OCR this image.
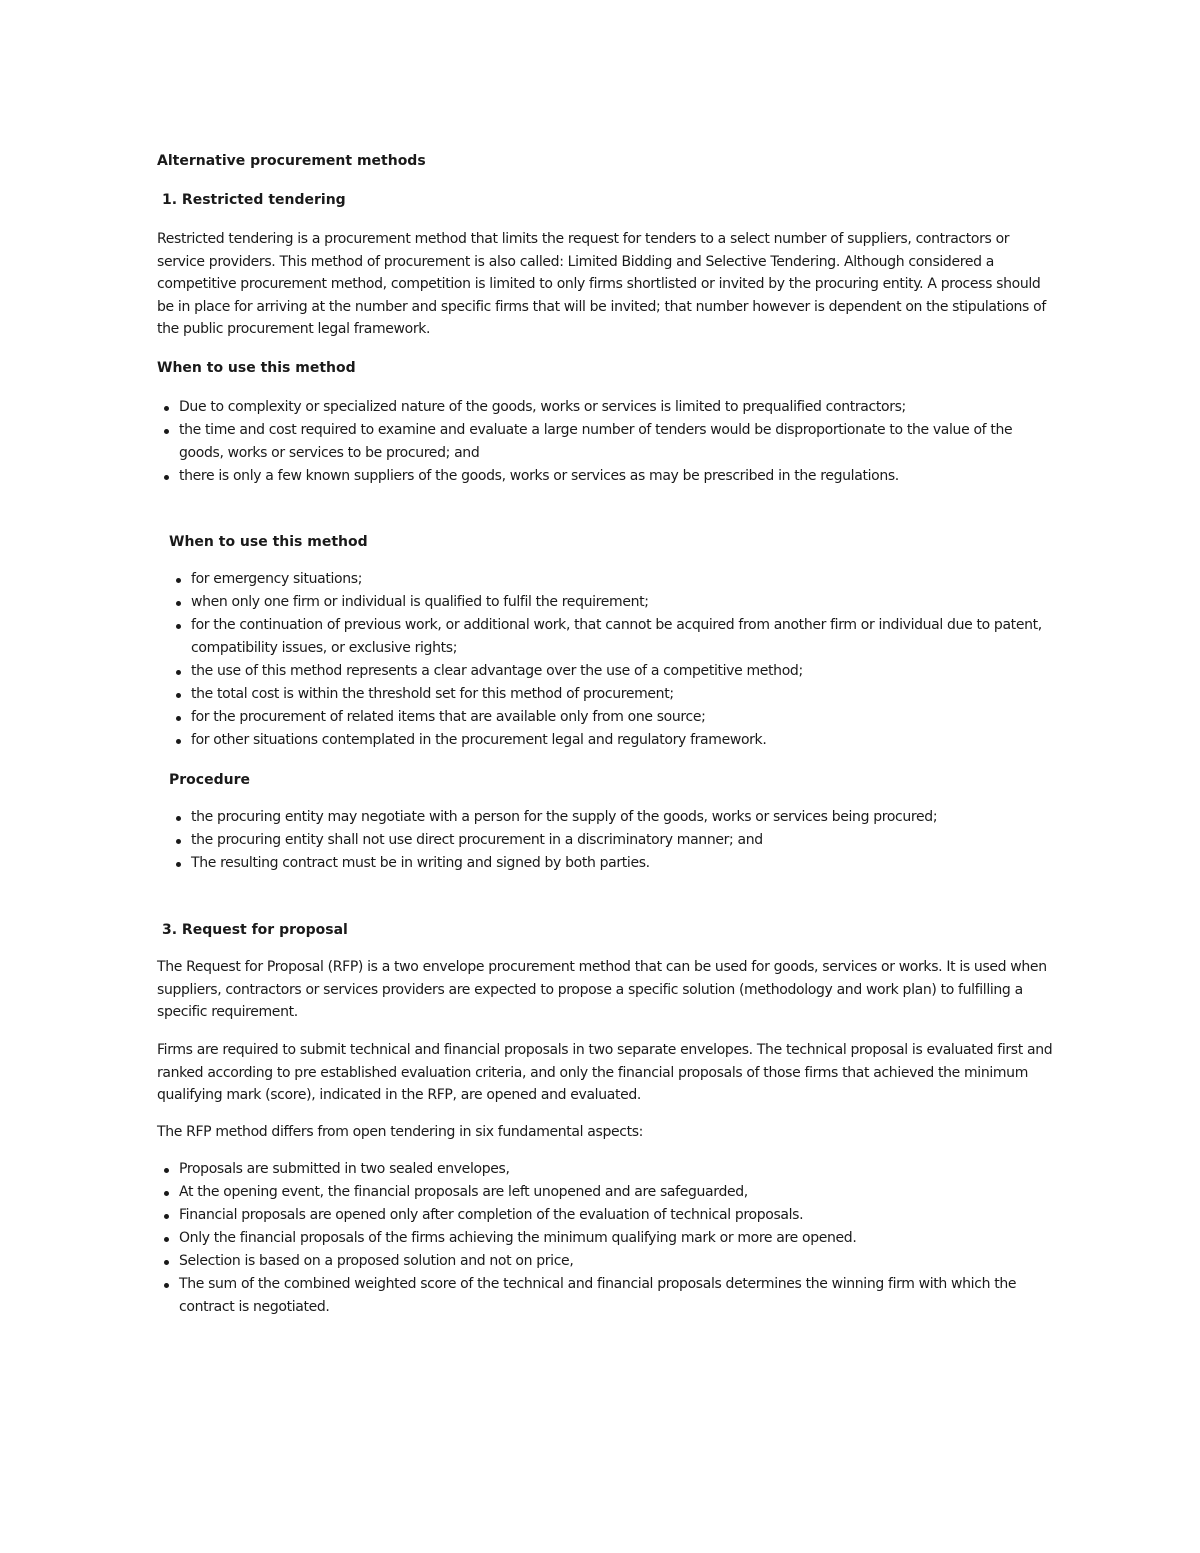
Alternative procurement methods
1. Restricted tendering

Restricted tendering is a procurement method that limits the request for tenders to a select number of suppliers, contractors or service providers. This method of procurement is also called: Limited Bidding and Selective Tendering. Although considered a competitive procurement method, competition is limited to only firms shortlisted or invited by the procuring entity. A process should be in place for arriving at the number and specific firms that will be invited; that number however is dependent on the stipulations of the public procurement legal framework.

When to use this method
Due to complexity or specialized nature of the goods, works or services is limited to prequalified contractors;
the time and cost required to examine and evaluate a large number of tenders would be disproportionate to the value of the goods, works or services to be procured; and
there is only a few known suppliers of the goods, works or services as may be prescribed in the regulations.
When to use this method
for emergency situations;
when only one firm or individual is qualified to fulfil the requirement;
for the continuation of previous work, or additional work, that cannot be acquired from another firm or individual due to patent, compatibility issues, or exclusive rights;
the use of this method represents a clear advantage over the use of a competitive method;
the total cost is within the threshold set for this method of procurement;
for the procurement of related items that are available only from one source;
for other situations contemplated in the procurement legal and regulatory framework.
Procedure
the procuring entity may negotiate with a person for the supply of the goods, works or services being procured;
the procuring entity shall not use direct procurement in a discriminatory manner; and
The resulting contract must be in writing and signed by both parties.
3. Request for proposal

The Request for Proposal (RFP) is a two envelope procurement method that can be used for goods, services or works. It is used when suppliers, contractors or services providers are expected to propose a specific solution (methodology and work plan) to fulfilling a specific requirement.

Firms are required to submit technical and financial proposals in two separate envelopes. The technical proposal is evaluated first and ranked according to pre established evaluation criteria, and only the financial proposals of those firms that achieved the minimum qualifying mark (score), indicated in the RFP, are opened and evaluated.

The RFP method differs from open tendering in six fundamental aspects:

Proposals are submitted in two sealed envelopes,
At the opening event, the financial proposals are left unopened and are safeguarded,
Financial proposals are opened only after completion of the evaluation of technical proposals.
Only the financial proposals of the firms achieving the minimum qualifying mark or more are opened.
Selection is based on a proposed solution and not on price,
The sum of the combined weighted score of the technical and financial proposals determines the winning firm with which the contract is negotiated.
